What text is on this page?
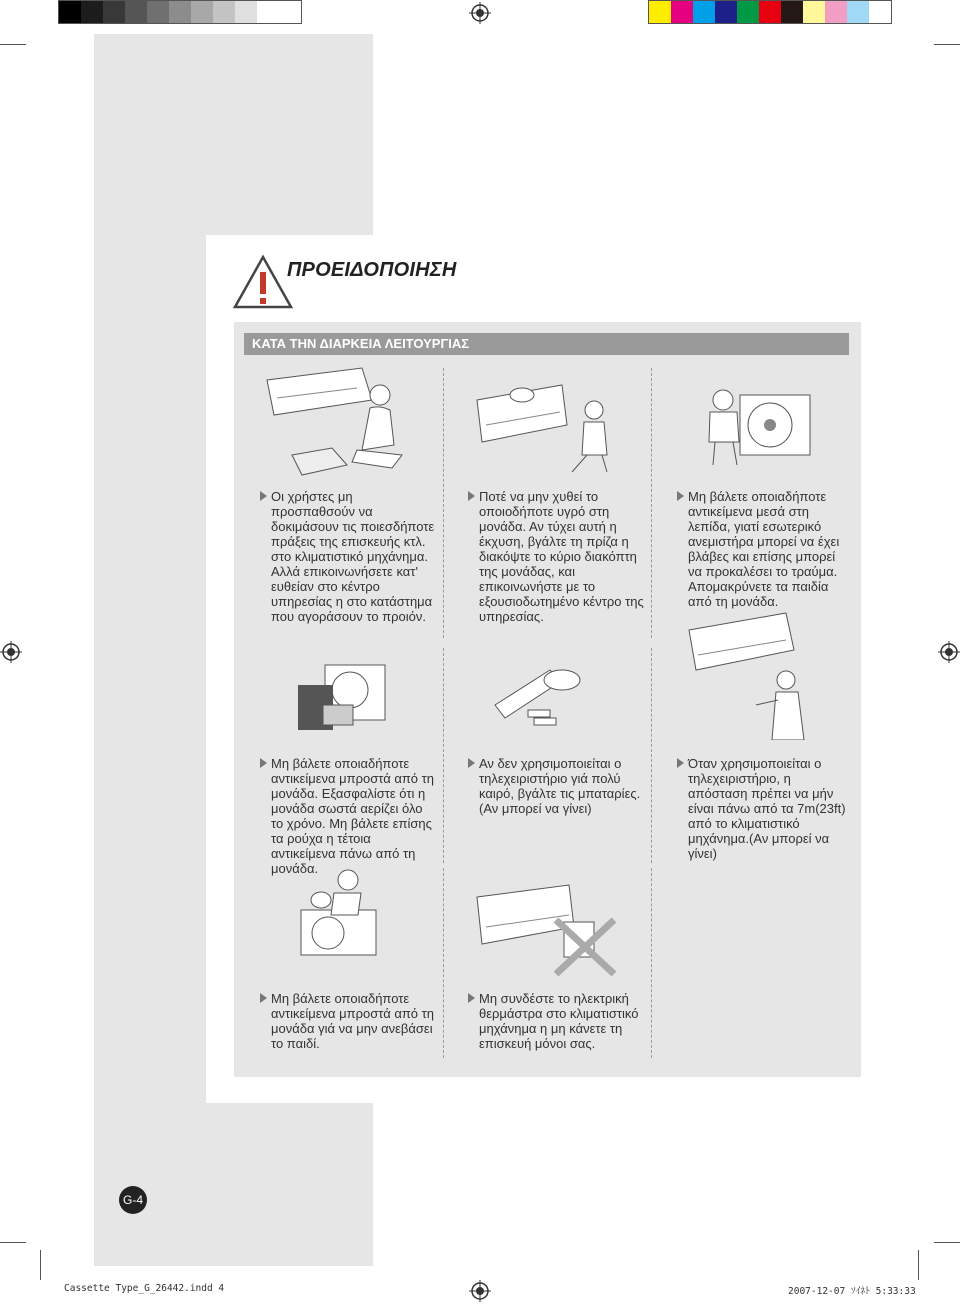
ΠΡΟΕΙΔΟΠΟΙΗΣΗ
ΚΑΤΑ ΤΗΝ ΔΙΑΡΚΕΙΑ ΛΕΙΤΟΥΡΓΙΑΣ

Οι χρήστες μη προσπαθσούν να δοκιμάσουν τις ποιεσδήποτε πράξεις της επισκευής κτλ. στο κλιματιστικό μηχάνημα. Αλλά επικοινωνήσετε κατ' ευθείαν στο κέντρο υπηρεσίας η στο κατάστημα που αγοράσουν το προιόν.

Ποτέ να μην χυθεί το οποιοδήποτε υγρό στη μονάδα. Αν τύχει αυτή η έκχυση, βγάλτε τη πρίζα η διακόψτε το κύριο διακόπτη της μονάδας, και επικοινωνήστε με το εξουσιοδωτημένο κέντρο της υπηρεσίας.

Μη βάλετε οποιαδήποτε αντικείμενα μεσά στη λεπίδα, γιατί εσωτερικό ανεμιστήρα μπορεί να έχει βλάβες και επίσης μπορεί να προκαλέσει το τραύμα. Απομακρύνετε τα παιδία από τη μονάδα.

Μη βάλετε οποιαδήποτε αντικείμενα μπροστά από τη μονάδα. Εξασφαλίστε ότι η μονάδα σωστά αερίζει όλο το χρόνο. Μη βάλετε επίσης τα ρούχα η τέτοια αντικείμενα πάνω από τη μονάδα.

Αν δεν χρησιμοποιείται ο τηλεχειριστήριο γιά πολύ καιρό, βγάλτε τις μπαταρίες. (Αν μπορεί να γίνει)

Όταν χρησιμοποιείται ο τηλεχειριστήριο, η απόσταση πρέπει να μήν είναι πάνω από τα 7m(23ft) από το κλιματιστικό μηχάνημα.(Αν μπορεί να γίνει)

Μη βάλετε οποιαδήποτε αντικείμενα μπροστά από τη μονάδα γιά να μην ανεβάσει το παιδί.

Μη συνδέστε το ηλεκτρική θερμάστρα στο κλιματιστικό μηχάνημα η μη κάνετε τη επισκευή μόνοι σας.

G-4
Cassette Type_G_26442.indd 4	2007-12-07 ｿｲﾈﾄ 5:33:33
